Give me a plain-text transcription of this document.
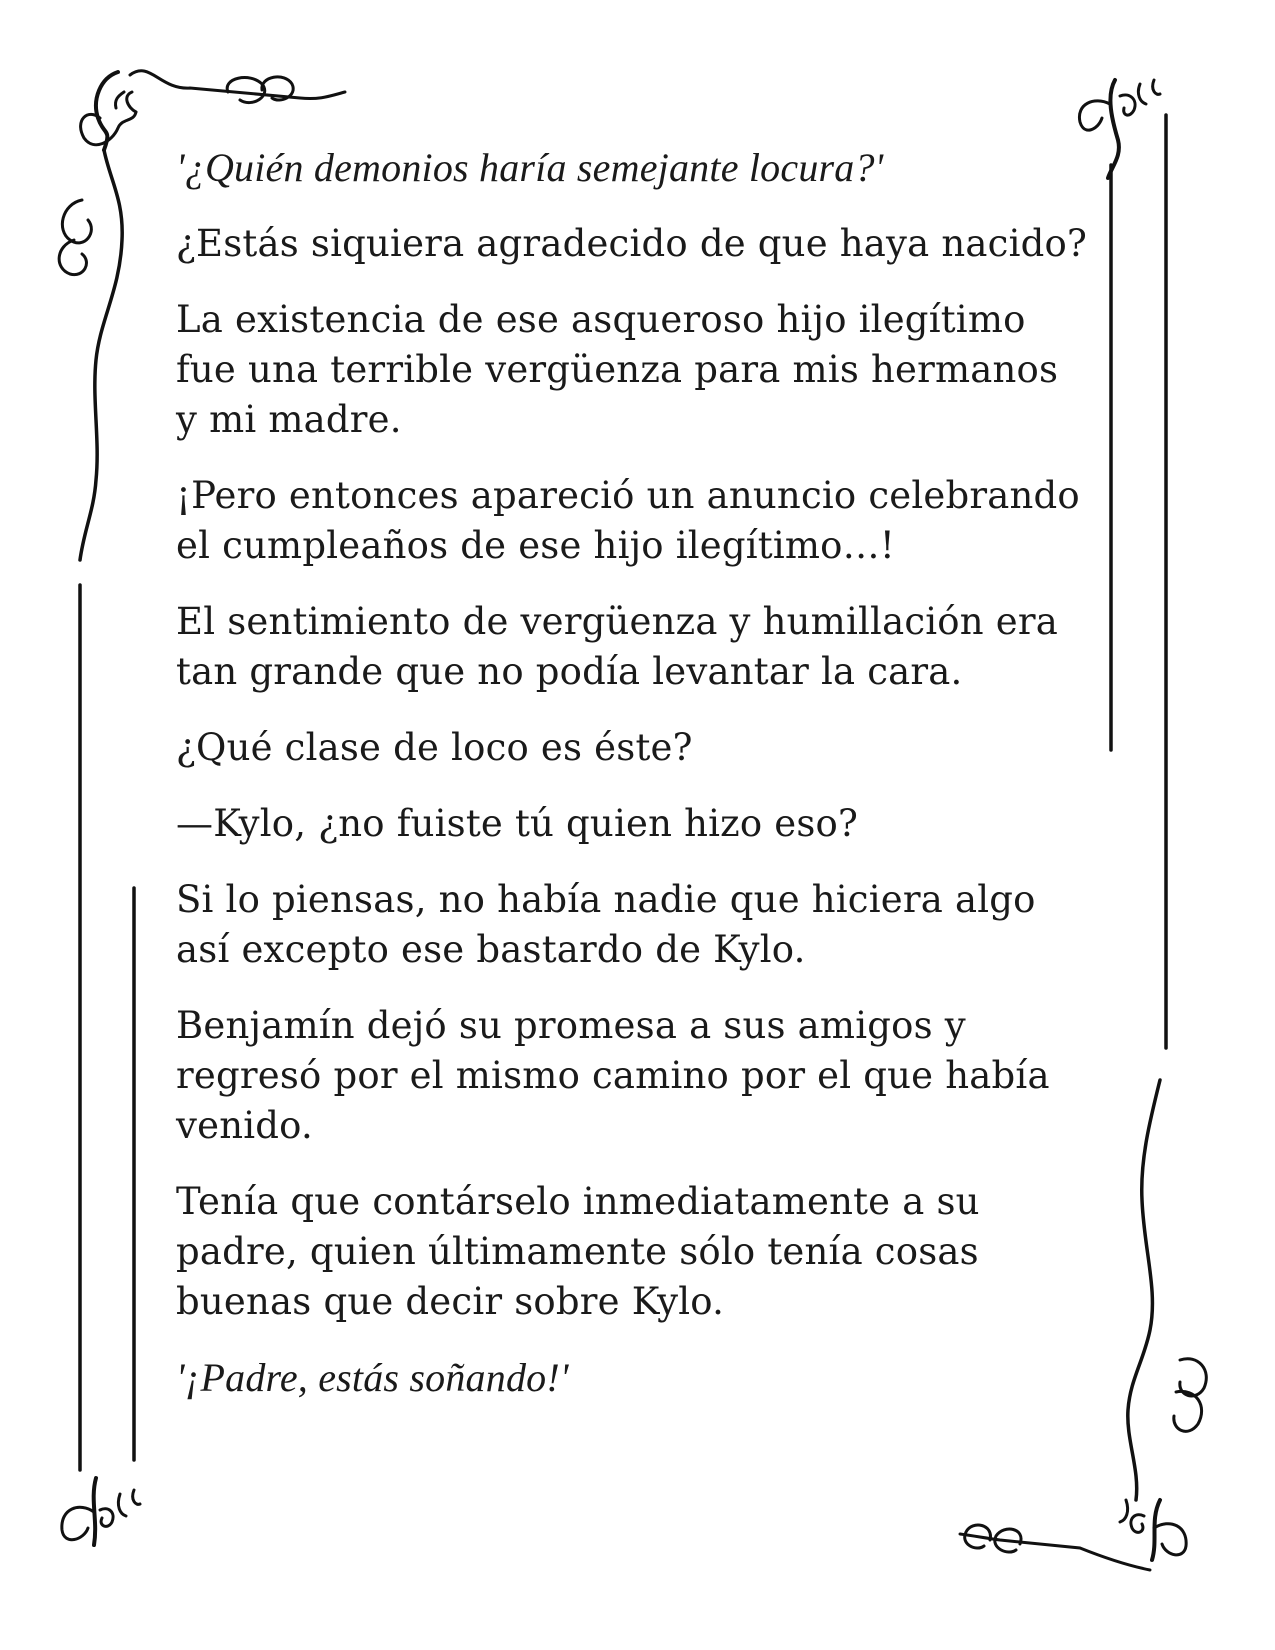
'¿Quién demonios haría semejante locura?'

¿Estás siquiera agradecido de que haya nacido?

La existencia de ese asqueroso hijo ilegítimo
fue una terrible vergüenza para mis hermanos
y mi madre.

¡Pero entonces apareció un anuncio celebrando
el cumpleaños de ese hijo ilegítimo…!

El sentimiento de vergüenza y humillación era
tan grande que no podía levantar la cara.

¿Qué clase de loco es éste?

—Kylo, ¿no fuiste tú quien hizo eso?

Si lo piensas, no había nadie que hiciera algo
así excepto ese bastardo de Kylo.

Benjamín dejó su promesa a sus amigos y
regresó por el mismo camino por el que había
venido.

Tenía que contárselo inmediatamente a su
padre, quien últimamente sólo tenía cosas
buenas que decir sobre Kylo.

'¡Padre, estás soñando!'
